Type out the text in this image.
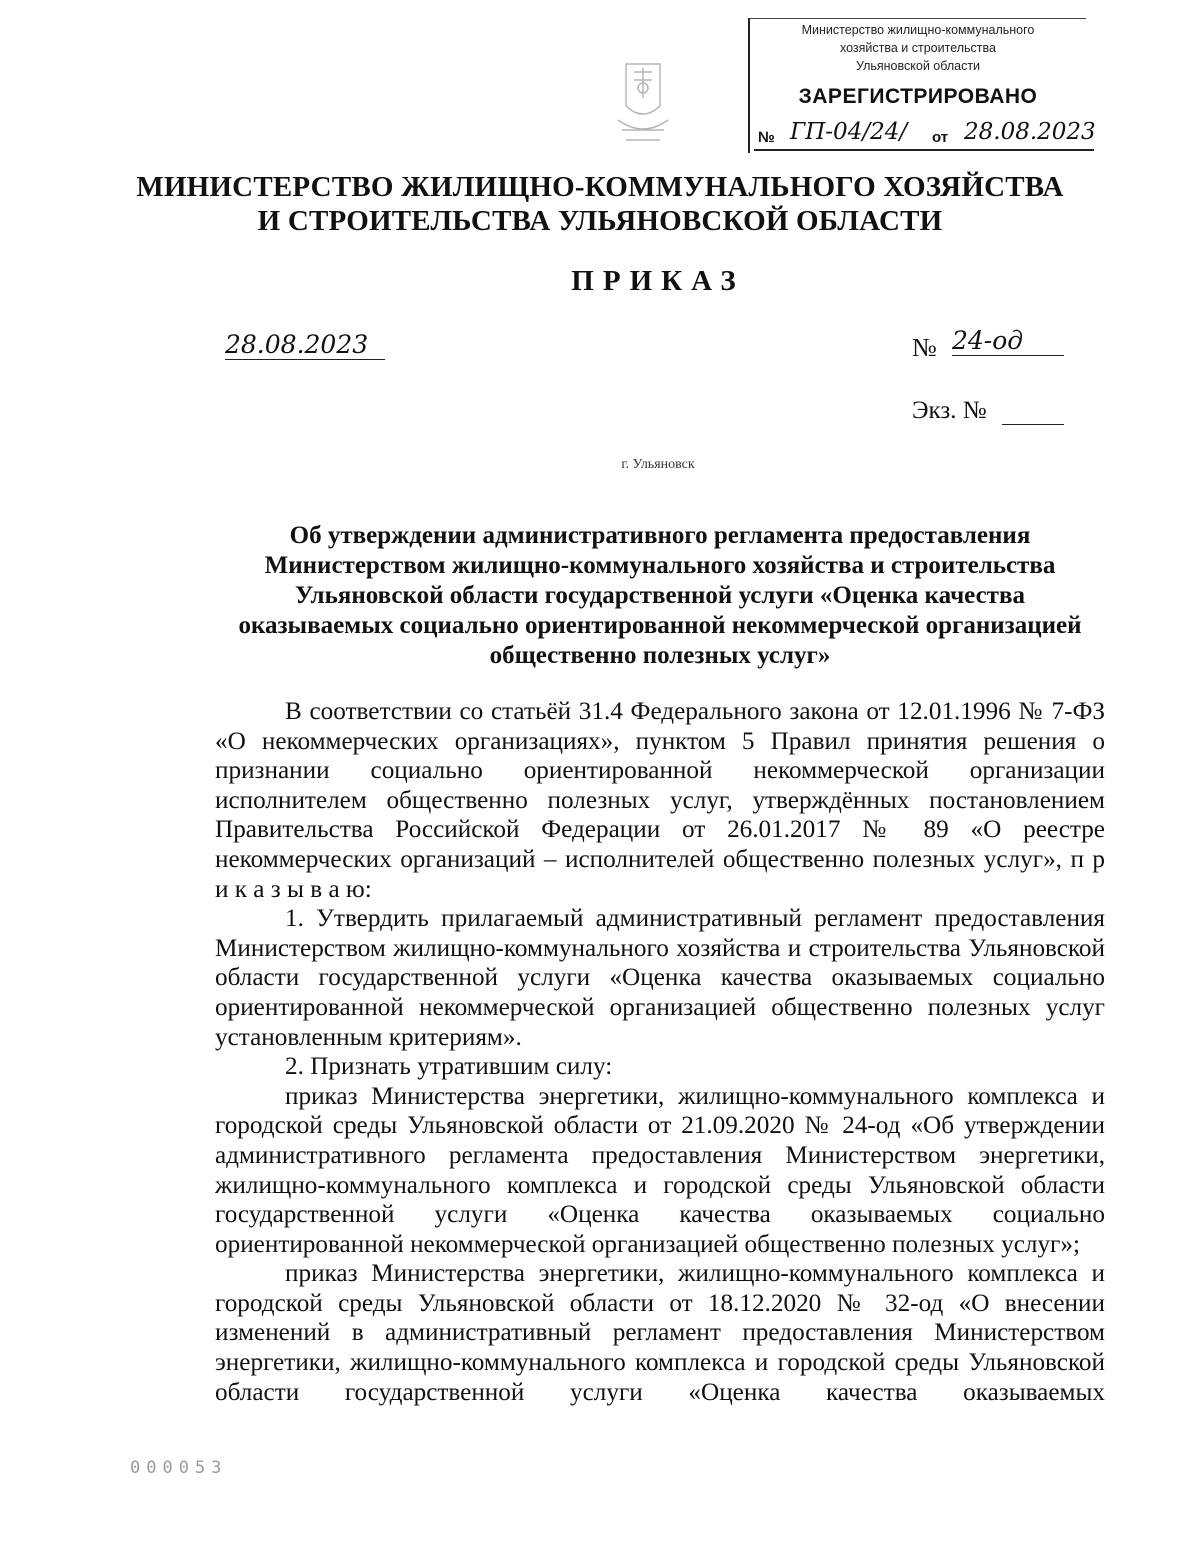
Министерство жилищно-коммунального
хозяйства и строительства
Ульяновской области
ЗАРЕГИСТРИРОВАНО
№ ГП-04/24/ от 28.08.2023
МИНИСТЕРСТВО ЖИЛИЩНО-КОММУНАЛЬНОГО ХОЗЯЙСТВА
И СТРОИТЕЛЬСТВА УЛЬЯНОВСКОЙ ОБЛАСТИ
ПРИКАЗ
28.08.2023	№ 24-од
Экз. №
г. Ульяновск
Об утверждении административного регламента предоставления Министерством жилищно-коммунального хозяйства и строительства Ульяновской области государственной услуги «Оценка качества оказываемых социально ориентированной некоммерческой организацией общественно полезных услуг»

В соответствии со статьёй 31.4 Федерального закона от 12.01.1996 № 7-ФЗ «О некоммерческих организациях», пунктом 5 Правил принятия решения о признании социально ориентированной некоммерческой организации исполнителем общественно полезных услуг, утверждённых постановлением Правительства Российской Федерации от 26.01.2017 № 89 «О реестре некоммерческих организаций – исполнителей общественно полезных услуг», п р и к а з ы в а ю:

1. Утвердить прилагаемый административный регламент предоставления Министерством жилищно-коммунального хозяйства и строительства Ульяновской области государственной услуги «Оценка качества оказываемых социально ориентированной некоммерческой организацией общественно полезных услуг установленным критериям».

2. Признать утратившим силу:

приказ Министерства энергетики, жилищно-коммунального комплекса и городской среды Ульяновской области от 21.09.2020 № 24-од «Об утверждении административного регламента предоставления Министерством энергетики, жилищно-коммунального комплекса и городской среды Ульяновской области государственной услуги «Оценка качества оказываемых социально ориентированной некоммерческой организацией общественно полезных услуг»;

приказ Министерства энергетики, жилищно-коммунального комплекса и городской среды Ульяновской области от 18.12.2020 № 32-од «О внесении изменений в административный регламент предоставления Министерством энергетики, жилищно-коммунального комплекса и городской среды Ульяновской области государственной услуги «Оценка качества оказываемых

000053
